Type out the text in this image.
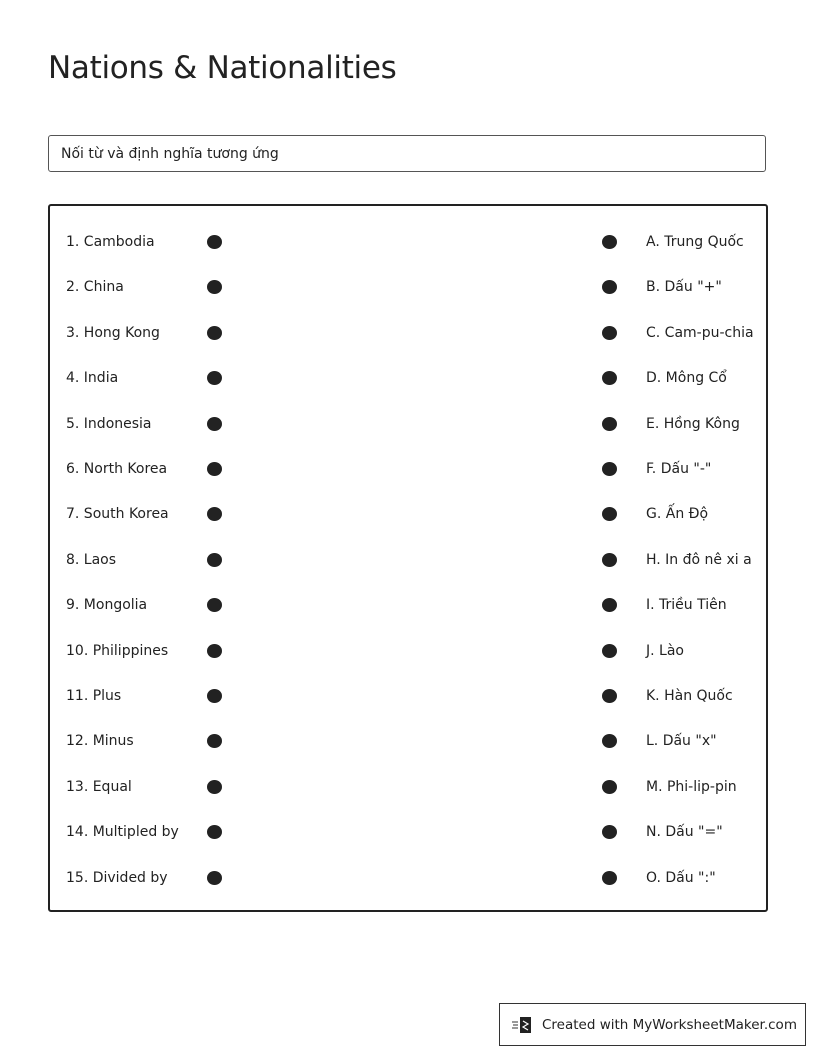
Nations & Nationalities
Nối từ và định nghĩa tương ứng
1. Cambodia	A. Trung Quốc
2. China	B. Dấu "+"
3. Hong Kong	C. Cam-pu-chia
4. India	D. Mông Cổ
5. Indonesia	E. Hồng Kông
6. North Korea	F. Dấu "-"
7. South Korea	G. Ấn Độ
8. Laos	H. In đô nê xi a
9. Mongolia	I. Triều Tiên
10. Philippines	J. Lào
11. Plus	K. Hàn Quốc
12. Minus	L. Dấu "x"
13. Equal	M. Phi-lip-pin
14. Multipled by	N. Dấu "="
15. Divided by	O. Dấu ":"
Created with MyWorksheetMaker.com
